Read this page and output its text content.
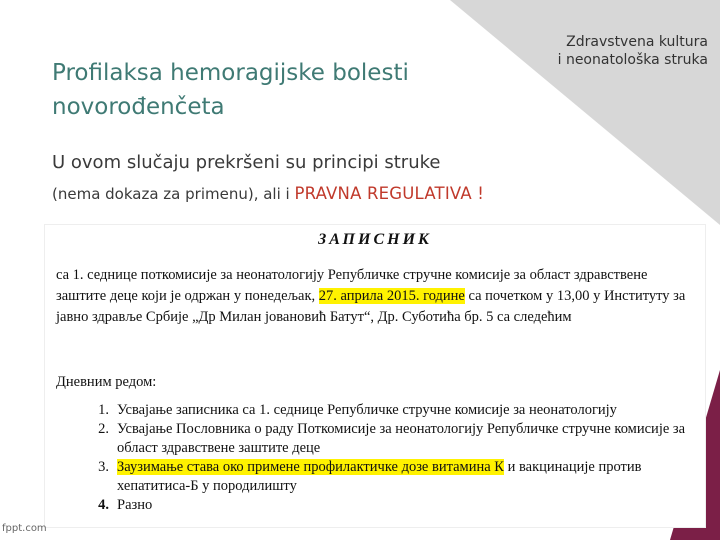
Zdravstvena kultura
i neonatološka struka
Profilaksa hemoragijske bolesti
novorođenčeta
U ovom slučaju prekršeni su principi struke
(nema dokaza za primenu), ali i PRAVNA REGULATIVA !
ЗАПИСНИК
са 1. седнице поткомисије за неонатологију Републичке стручне комисије за област здравствене заштите деце који је одржан у понедељак, 27. априла 2015. године са почетком у 13,00 у Институту за јавно здравље Србије „Др Милан јовановић Батут“, Др. Суботића бр. 5 са следећим
Дневним редом:
1. Усвајање записника са 1. седнице Републичке стручне комисије за неонатологију
2. Усвајање Пословника о раду Поткомисије за неонатологију Републичке стручне комисије за област здравствене заштите деце
3. Заузимање става око примене профилактичке дозе витамина К и вакцинације против хепатитиса-Б у породилишту
4. Разно
fppt.com
